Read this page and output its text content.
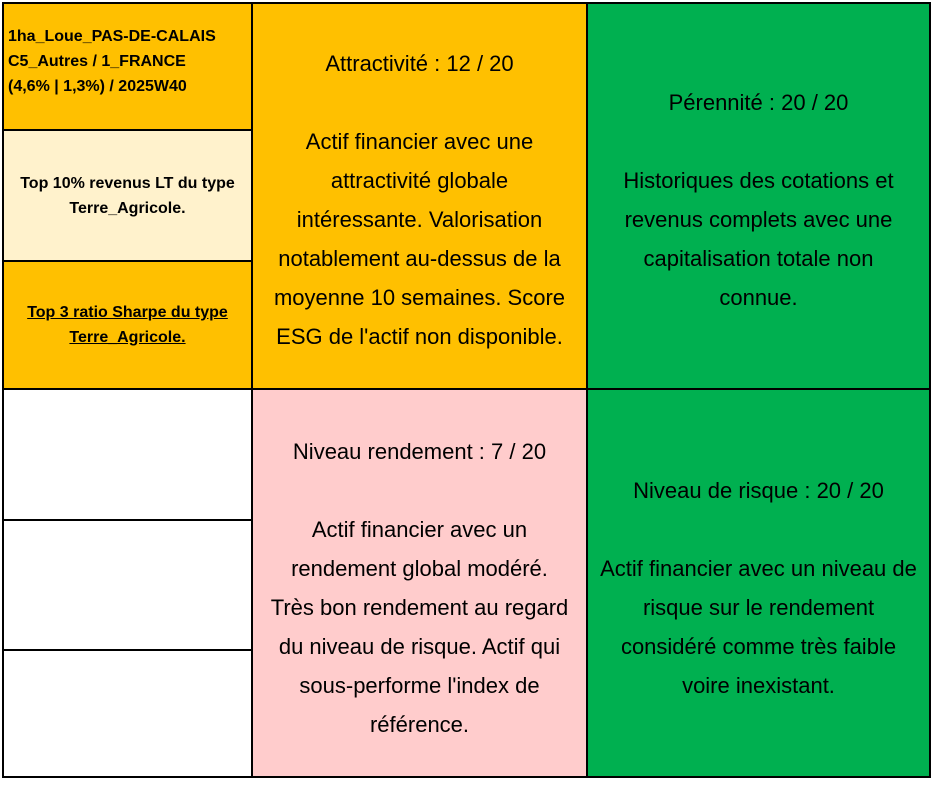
1ha_Loue_PAS-DE-CALAIS
C5_Autres / 1_FRANCE
(4,6% | 1,3%) / 2025W40
Top 10% revenus LT du type
Terre_Agricole.
Top 3 ratio Sharpe du type
Terre_Agricole.
Attractivité : 12 / 20
Actif financier avec une
attractivité globale
intéressante. Valorisation
notablement au-dessus de la
moyenne 10 semaines. Score
ESG de l'actif non disponible.
Pérennité : 20 / 20
Historiques des cotations et
revenus complets avec une
capitalisation totale non
connue.
Niveau rendement : 7 / 20
Actif financier avec un
rendement global modéré.
Très bon rendement au regard
du niveau de risque. Actif qui
sous-performe l'index de
référence.
Niveau de risque : 20 / 20
Actif financier avec un niveau de
risque sur le rendement
considéré comme très faible
voire inexistant.
